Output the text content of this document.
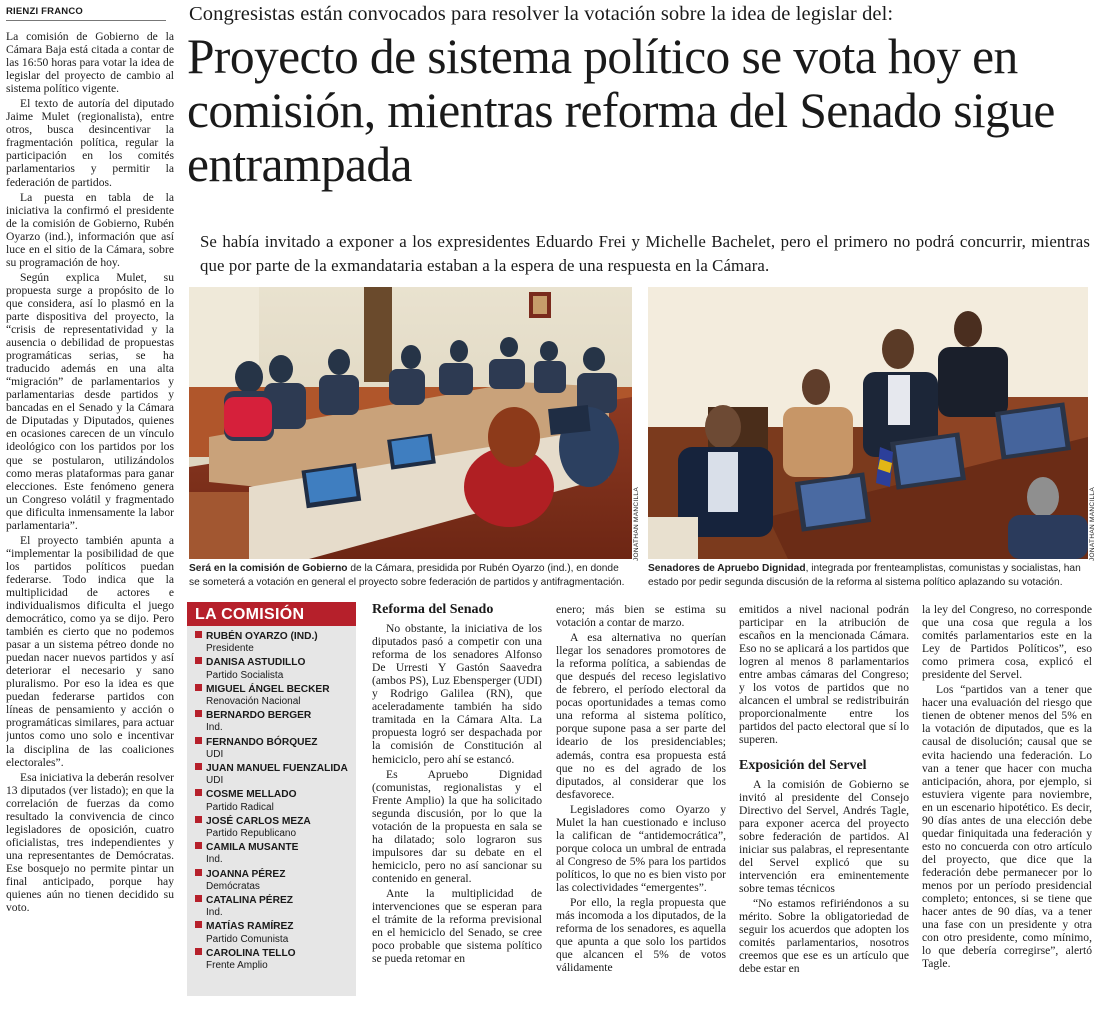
RIENZI FRANCO

La comisión de Gobierno de la Cámara Baja está citada a contar de las 16:50 horas para votar la idea de legislar del proyecto de cambio al sistema político vigente.

El texto de autoría del diputado Jaime Mulet (regionalista), entre otros, busca desincentivar la fragmentación política, regular la participación en los comités parlamentarios y permitir la federación de partidos.

La puesta en tabla de la iniciativa la confirmó el presidente de la comisión de Gobierno, Rubén Oyarzo (ind.), información que así luce en el sitio de la Cámara, sobre su programación de hoy.

Según explica Mulet, su propuesta surge a propósito de lo que considera, así lo plasmó en la parte dispositiva del proyecto, la “crisis de representatividad y la ausencia o debilidad de propuestas programáticas serias, se ha traducido además en una alta “migración” de parlamentarios y parlamentarias desde partidos y bancadas en el Senado y la Cámara de Diputadas y Diputados, quienes en ocasiones carecen de un vínculo ideológico con los partidos por los que se postularon, utilizándolos como meras plataformas para ganar elecciones. Este fenómeno genera un Congreso volátil y fragmentado que dificulta inmensamente la labor parlamentaria”.

El proyecto también apunta a “implementar la posibilidad de que los partidos políticos puedan federarse. Todo indica que la multiplicidad de actores e individualismos dificulta el juego democrático, como ya se dijo. Pero también es cierto que no podemos pasar a un sistema pétreo donde no puedan nacer nuevos partidos y así deteriorar el necesario y sano pluralismo. Por eso la idea es que puedan federarse partidos con líneas de pensamiento y acción o programáticas similares, para actuar juntos como uno solo e incentivar la disciplina de las coaliciones electorales”.

Esa iniciativa la deberán resolver 13 diputados (ver listado); en que la correlación de fuerzas da como resultado la convivencia de cinco legisladores de oposición, cuatro oficialistas, tres independientes y una representantes de Demócratas. Ese bosquejo no permite pintar un final anticipado, porque hay quienes aún no tienen decidido su voto.

Congresistas están convocados para resolver la votación sobre la idea de legislar del:
Proyecto de sistema político se vota hoy en comisión, mientras reforma del Senado sigue entrampada
Se había invitado a exponer a los expresidentes Eduardo Frei y Michelle Bachelet, pero el primero no podrá concurrir, mientras que por parte de la exmandataria estaban a la espera de una respuesta en la Cámara.
JONATHAN MANCILLA	JONATHAN MANCILLA
Será en la comisión de Gobierno de la Cámara, presidida por Rubén Oyarzo (ind.), en donde se someterá a votación en general el proyecto sobre federación de partidos y antifragmentación.
Senadores de Apruebo Dignidad, integrada por frenteamplistas, comunistas y socialistas, han estado por pedir segunda discusión de la reforma al sistema político aplazando su votación.
LA COMISIÓN
RUBÉN OYARZO (IND.)
Presidente
DANISA ASTUDILLO
Partido Socialista
MIGUEL ÁNGEL BECKER
Renovación Nacional
BERNARDO BERGER
Ind.
FERNANDO BÓRQUEZ
UDI
JUAN MANUEL FUENZALIDA
UDI
COSME MELLADO
Partido Radical
JOSÉ CARLOS MEZA
Partido Republicano
CAMILA MUSANTE
Ind.
JOANNA PÉREZ
Demócratas
CATALINA PÉREZ
Ind.
MATÍAS RAMÍREZ
Partido Comunista
CAROLINA TELLO
Frente Amplio
Reforma del Senado

No obstante, la iniciativa de los diputados pasó a competir con una reforma de los senadores Alfonso De Urresti Y Gastón Saavedra (ambos PS), Luz Ebensperger (UDI) y Rodrigo Galilea (RN), que aceleradamente también ha sido tramitada en la Cámara Alta. La propuesta logró ser despachada por la comisión de Constitución al hemiciclo, pero ahí se estancó.

Es Apruebo Dignidad (comunistas, regionalistas y el Frente Amplio) la que ha solicitado segunda discusión, por lo que la votación de la propuesta en sala se ha dilatado; solo lograron sus impulsores dar su debate en el hemiciclo, pero no así sancionar su contenido en general.

Ante la multiplicidad de intervenciones que se esperan para el trámite de la reforma previsional en el hemiciclo del Senado, se cree poco probable que sistema político se pueda retomar en

enero; más bien se estima su votación a contar de marzo.

A esa alternativa no querían llegar los senadores promotores de la reforma política, a sabiendas de que después del receso legislativo de febrero, el período electoral da pocas oportunidades a temas como una reforma al sistema político, porque supone pasa a ser parte del ideario de los presidenciables; además, contra esa propuesta está que no es del agrado de los diputados, al considerar que los desfavorece.

Legisladores como Oyarzo y Mulet la han cuestionado e incluso la califican de “antidemocrática”, porque coloca un umbral de entrada al Congreso de 5% para los partidos políticos, lo que no es bien visto por las colectividades “emergentes”.

Por ello, la regla propuesta que más incomoda a los diputados, de la reforma de los senadores, es aquella que apunta a que solo los partidos que alcancen el 5% de votos válidamente

emitidos a nivel nacional podrán participar en la atribución de escaños en la mencionada Cámara. Eso no se aplicará a los partidos que logren al menos 8 parlamentarios entre ambas cámaras del Congreso; y los votos de partidos que no alcancen el umbral se redistribuirán proporcionalmente entre los partidos del pacto electoral que sí lo superen.

Exposición del Servel

A la comisión de Gobierno se invitó al presidente del Consejo Directivo del Servel, Andrés Tagle, para exponer acerca del proyecto sobre federación de partidos. Al iniciar sus palabras, el representante del Servel explicó que su intervención era eminentemente sobre temas técnicos

“No estamos refiriéndonos a su mérito. Sobre la obligatoriedad de seguir los acuerdos que adopten los comités parlamentarios, nosotros creemos que ese es un artículo que debe estar en

la ley del Congreso, no corresponde que una cosa que regula a los comités parlamentarios este en la Ley de Partidos Políticos”, eso como primera cosa, explicó el presidente del Servel.

Los “partidos van a tener que hacer una evaluación del riesgo que tienen de obtener menos del 5% en la votación de diputados, que es la causal de disolución; causal que se evita haciendo una federación. Lo van a tener que hacer con mucha anticipación, ahora, por ejemplo, si estuviera vigente para noviembre, en un escenario hipotético. Es decir, 90 días antes de una elección debe quedar finiquitada una federación y esto no concuerda con otro artículo del proyecto, que dice que la federación debe permanecer por lo menos por un período presidencial completo; entonces, si se tiene que hacer antes de 90 días, va a tener una fase con un presidente y otra con otro presidente, como mínimo, lo que debería corregirse”, alertó Tagle.
